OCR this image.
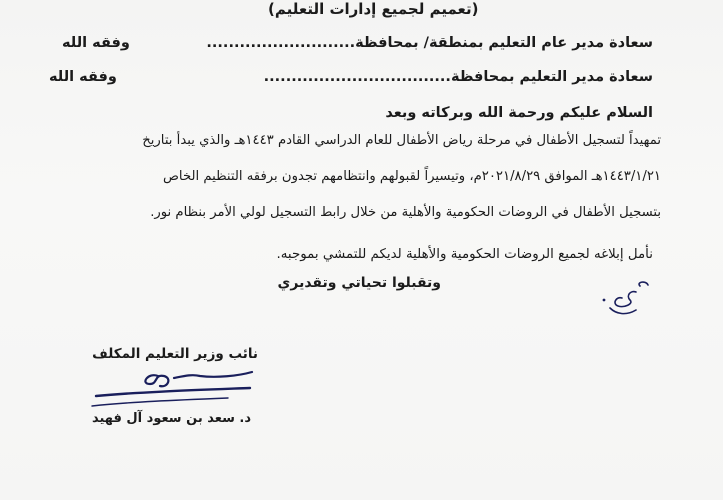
(تعميم لجميع إدارات التعليم)
سعادة مدير عام التعليم بمنطقة/ بمحافظة...........................
وفقه الله
سعادة مدير التعليم بمحافظة..................................
وفقه الله
السلام عليكم ورحمة الله وبركاته وبعد
تمهيداً لتسجيل الأطفال في مرحلة رياض الأطفال للعام الدراسي القادم ١٤٤٣هـ والذي يبدأ بتاريخ
١٤٤٣/١/٢١هـ الموافق ٢٠٢١/٨/٢٩م، وتيسيراً لقبولهم وانتظامهم تجدون برفقه التنظيم الخاص
بتسجيل الأطفال في الروضات الحكومية والأهلية من خلال رابط التسجيل لولي الأمر بنظام نور.
نأمل إبلاغه لجميع الروضات الحكومية والأهلية لديكم للتمشي بموجبه.
وتقبلوا تحياتي وتقديري
نائب وزير التعليم المكلف
د. سعد بن سعود آل فهيد
